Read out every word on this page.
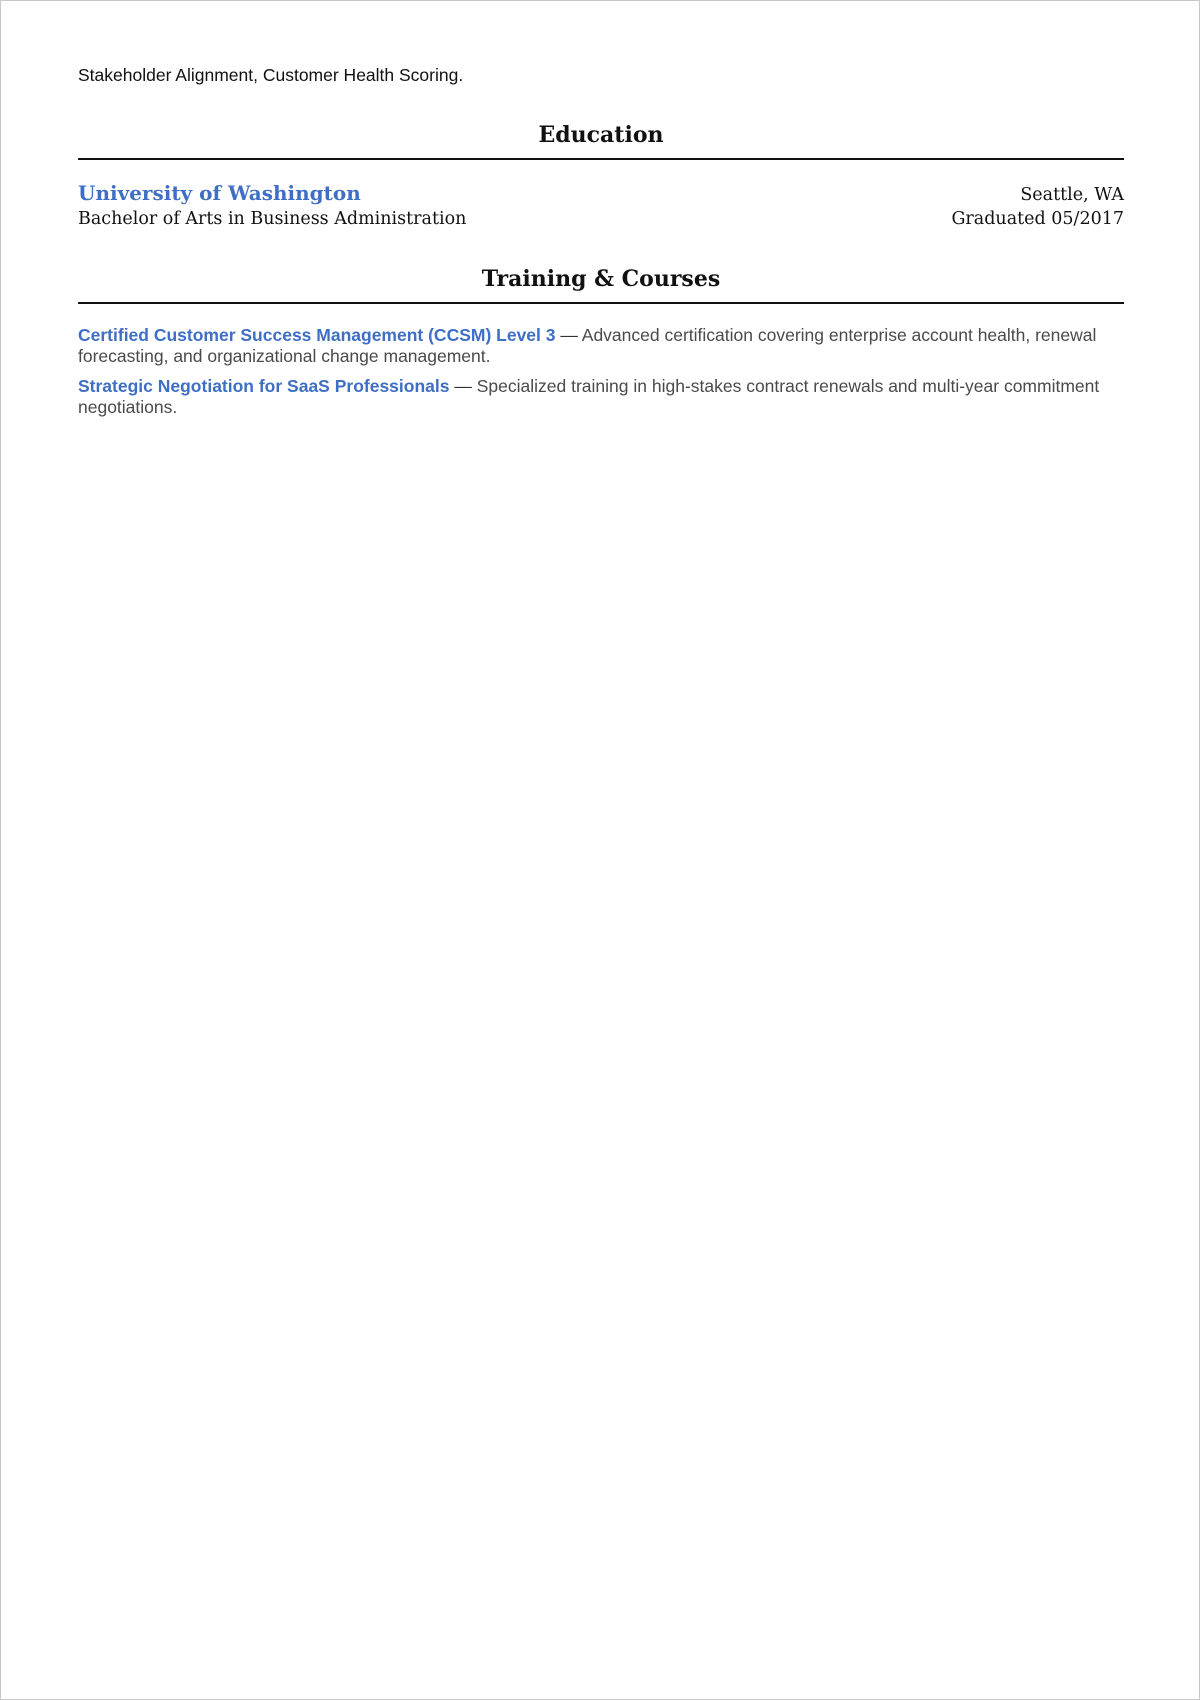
Stakeholder Alignment, Customer Health Scoring.
Education
University of Washington	Seattle, WA
Bachelor of Arts in Business Administration	Graduated 05/2017
Training & Courses
Certified Customer Success Management (CCSM) Level 3 — Advanced certification covering enterprise account health, renewal forecasting, and organizational change management.
Strategic Negotiation for SaaS Professionals — Specialized training in high-stakes contract renewals and multi-year commitment negotiations.
